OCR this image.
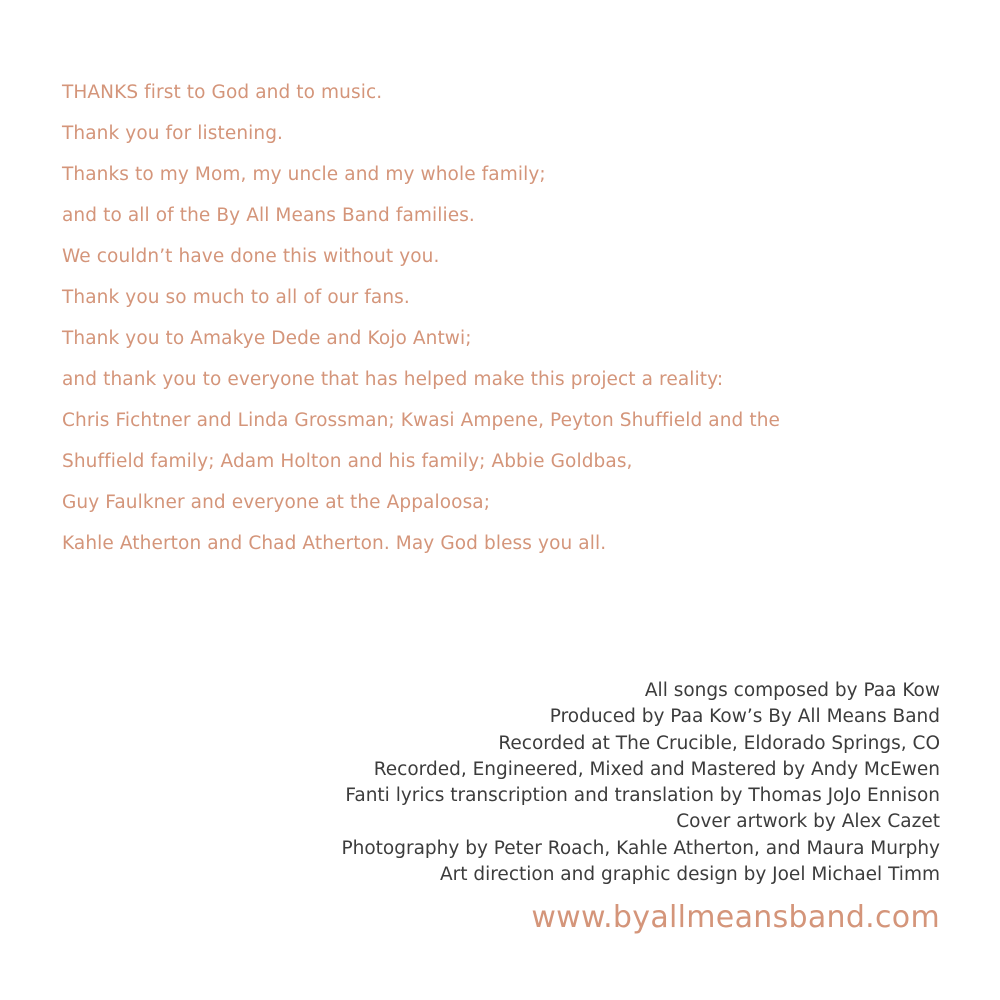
THANKS first to God and to music.
Thank you for listening.
Thanks to my Mom, my uncle and my whole family;
and to all of the By All Means Band families.
We couldn’t have done this without you.
Thank you so much to all of our fans.
Thank you to Amakye Dede and Kojo Antwi;
and thank you to everyone that has helped make this project a reality:
Chris Fichtner and Linda Grossman; Kwasi Ampene, Peyton Shuffield and the
Shuffield family; Adam Holton and his family; Abbie Goldbas,
Guy Faulkner and everyone at the Appaloosa;
Kahle Atherton and Chad Atherton. May God bless you all.
All songs composed by Paa Kow
Produced by Paa Kow’s By All Means Band
Recorded at The Crucible, Eldorado Springs, CO
Recorded, Engineered, Mixed and Mastered by Andy McEwen
Fanti lyrics transcription and translation by Thomas JoJo Ennison
Cover artwork by Alex Cazet
Photography by Peter Roach, Kahle Atherton, and Maura Murphy
Art direction and graphic design by Joel Michael Timm
www.byallmeansband.com
